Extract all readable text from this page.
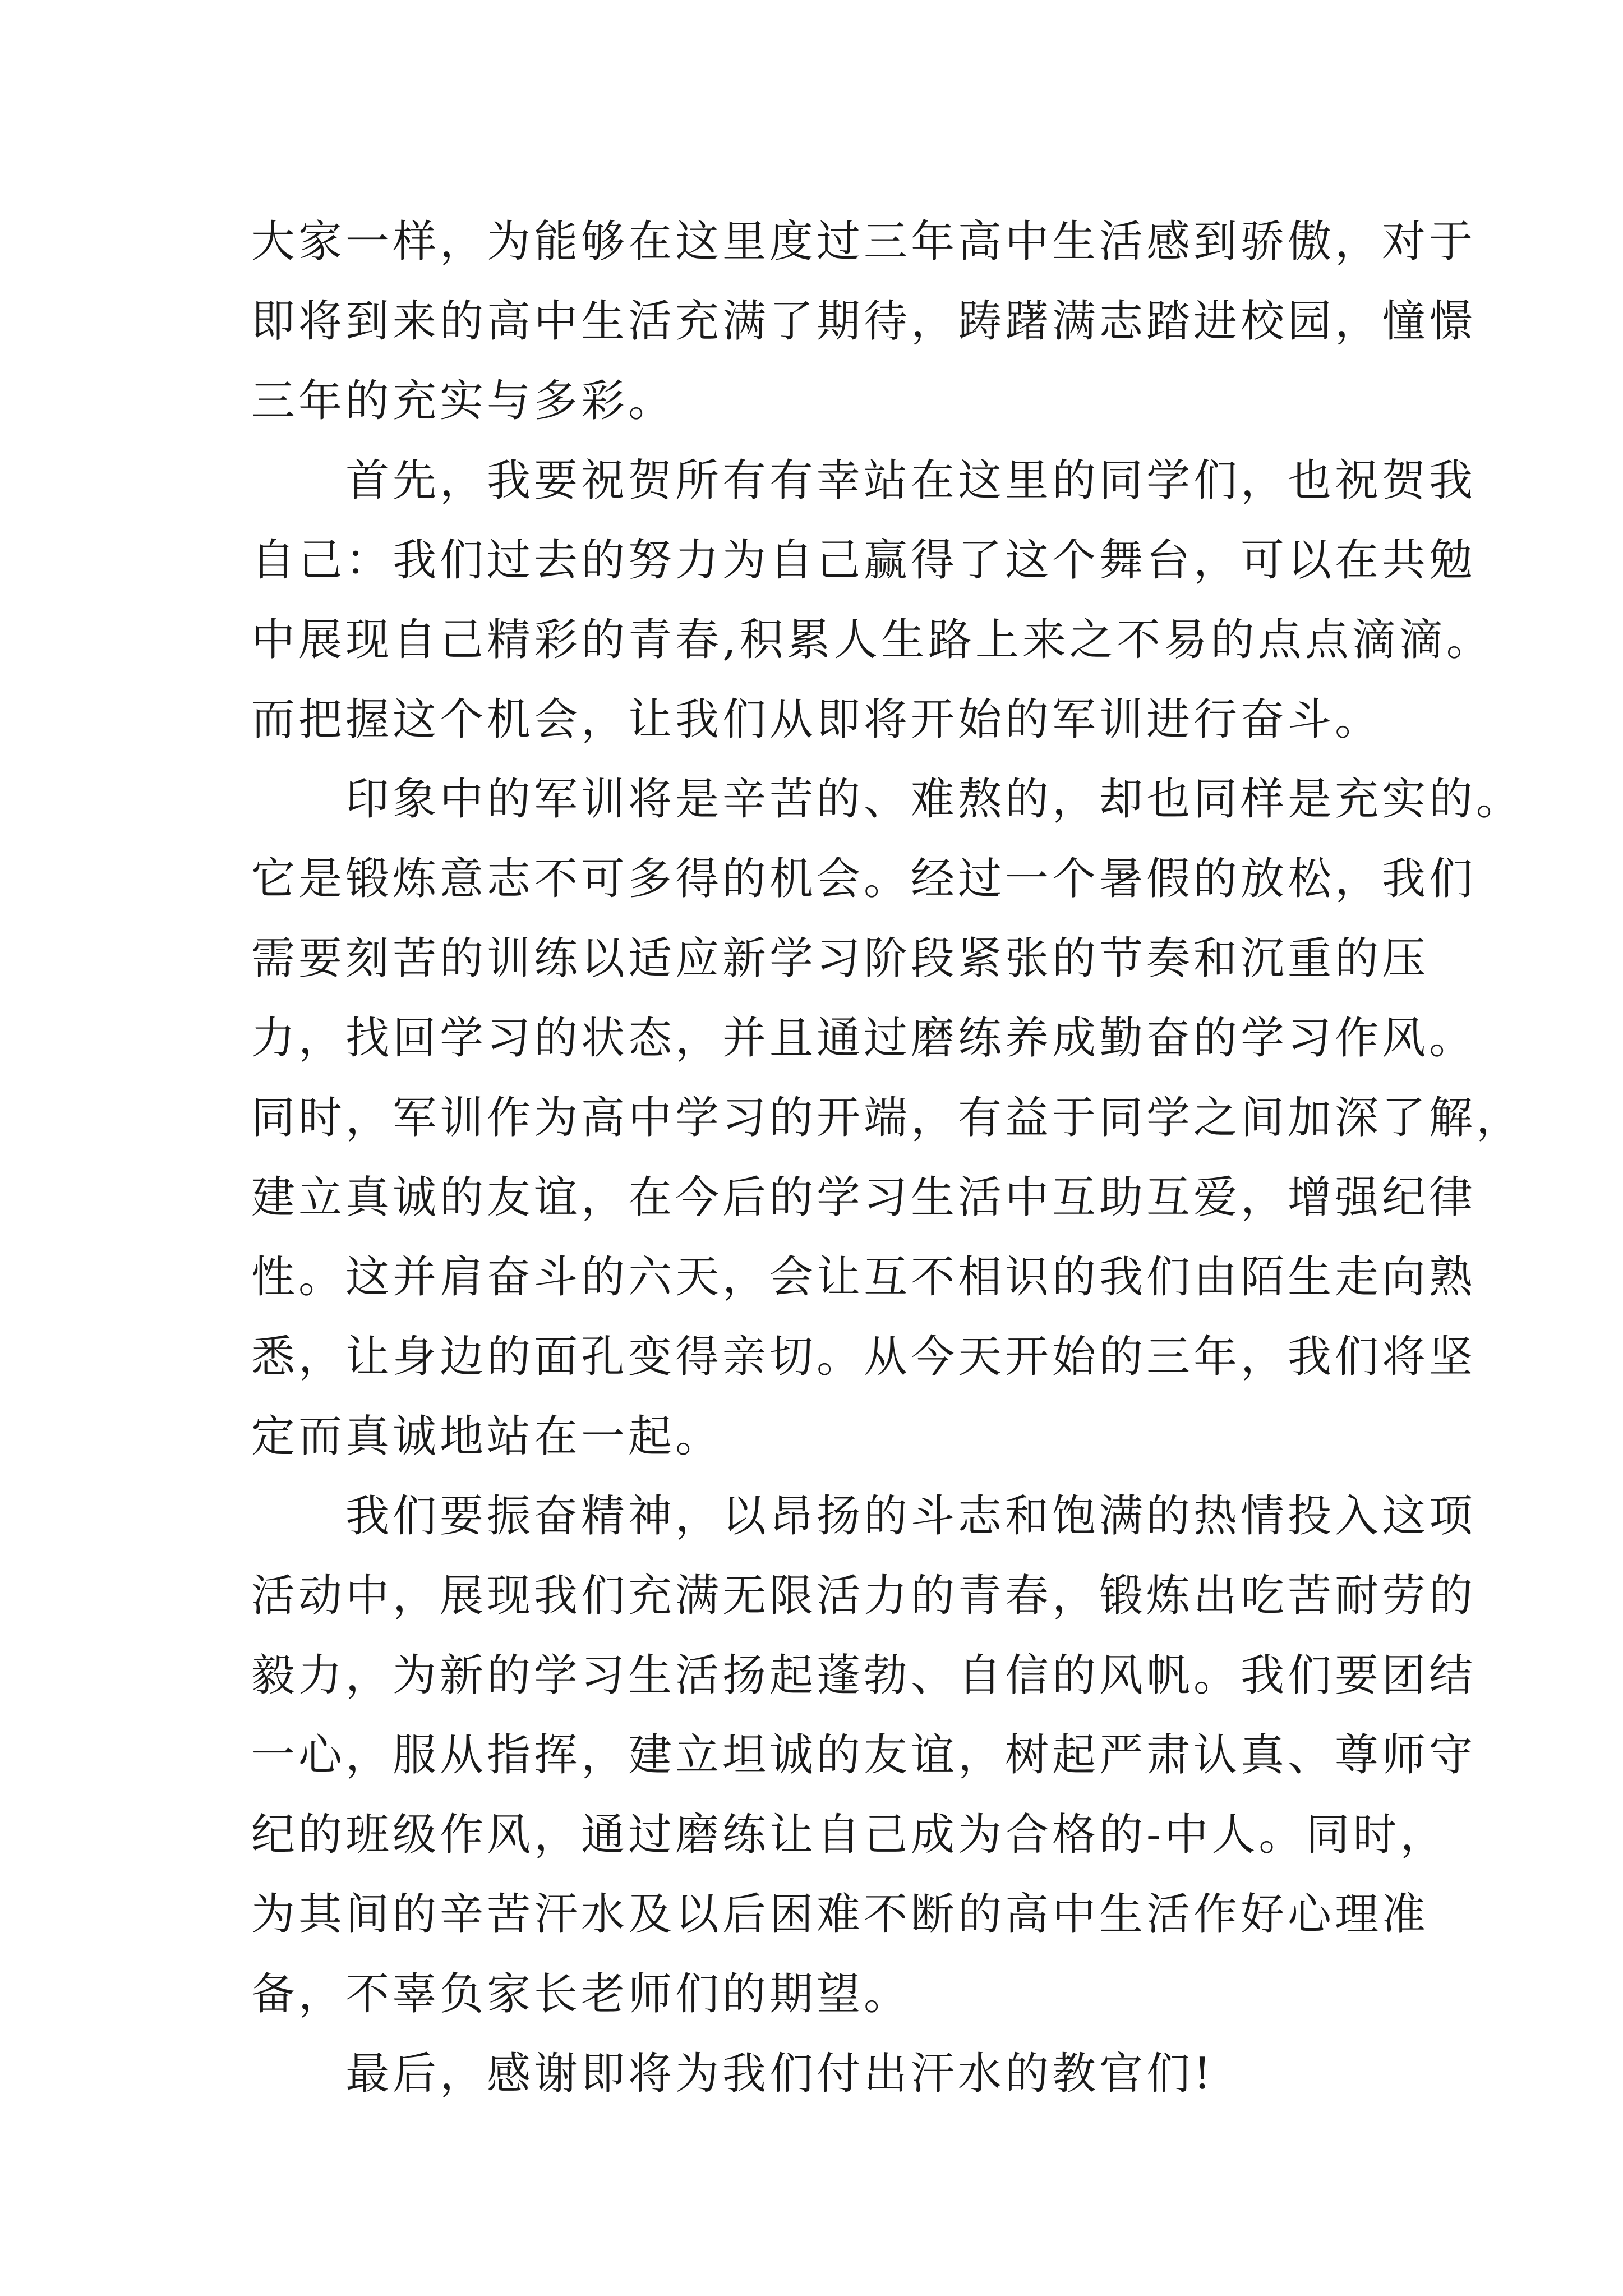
大家一样，为能够在这里度过三年高中生活感到骄傲，对于
即将到来的高中生活充满了期待，踌躇满志踏进校园，憧憬
三年的充实与多彩。
　　首先，我要祝贺所有有幸站在这里的同学们，也祝贺我
自己：我们过去的努力为自己赢得了这个舞台，可以在共勉
中展现自己精彩的青春,积累人生路上来之不易的点点滴滴。
而把握这个机会，让我们从即将开始的军训进行奋斗。
　　印象中的军训将是辛苦的、难熬的，却也同样是充实的。
它是锻炼意志不可多得的机会。经过一个暑假的放松，我们
需要刻苦的训练以适应新学习阶段紧张的节奏和沉重的压
力，找回学习的状态，并且通过磨练养成勤奋的学习作风。
同时，军训作为高中学习的开端，有益于同学之间加深了解，
建立真诚的友谊，在今后的学习生活中互助互爱，增强纪律
性。这并肩奋斗的六天，会让互不相识的我们由陌生走向熟
悉，让身边的面孔变得亲切。从今天开始的三年，我们将坚
定而真诚地站在一起。
　　我们要振奋精神，以昂扬的斗志和饱满的热情投入这项
活动中，展现我们充满无限活力的青春，锻炼出吃苦耐劳的
毅力，为新的学习生活扬起蓬勃、自信的风帆。我们要团结
一心，服从指挥，建立坦诚的友谊，树起严肃认真、尊师守
纪的班级作风，通过磨练让自己成为合格的-中人。同时，
为其间的辛苦汗水及以后困难不断的高中生活作好心理准
备，不辜负家长老师们的期望。
　　最后，感谢即将为我们付出汗水的教官们!
